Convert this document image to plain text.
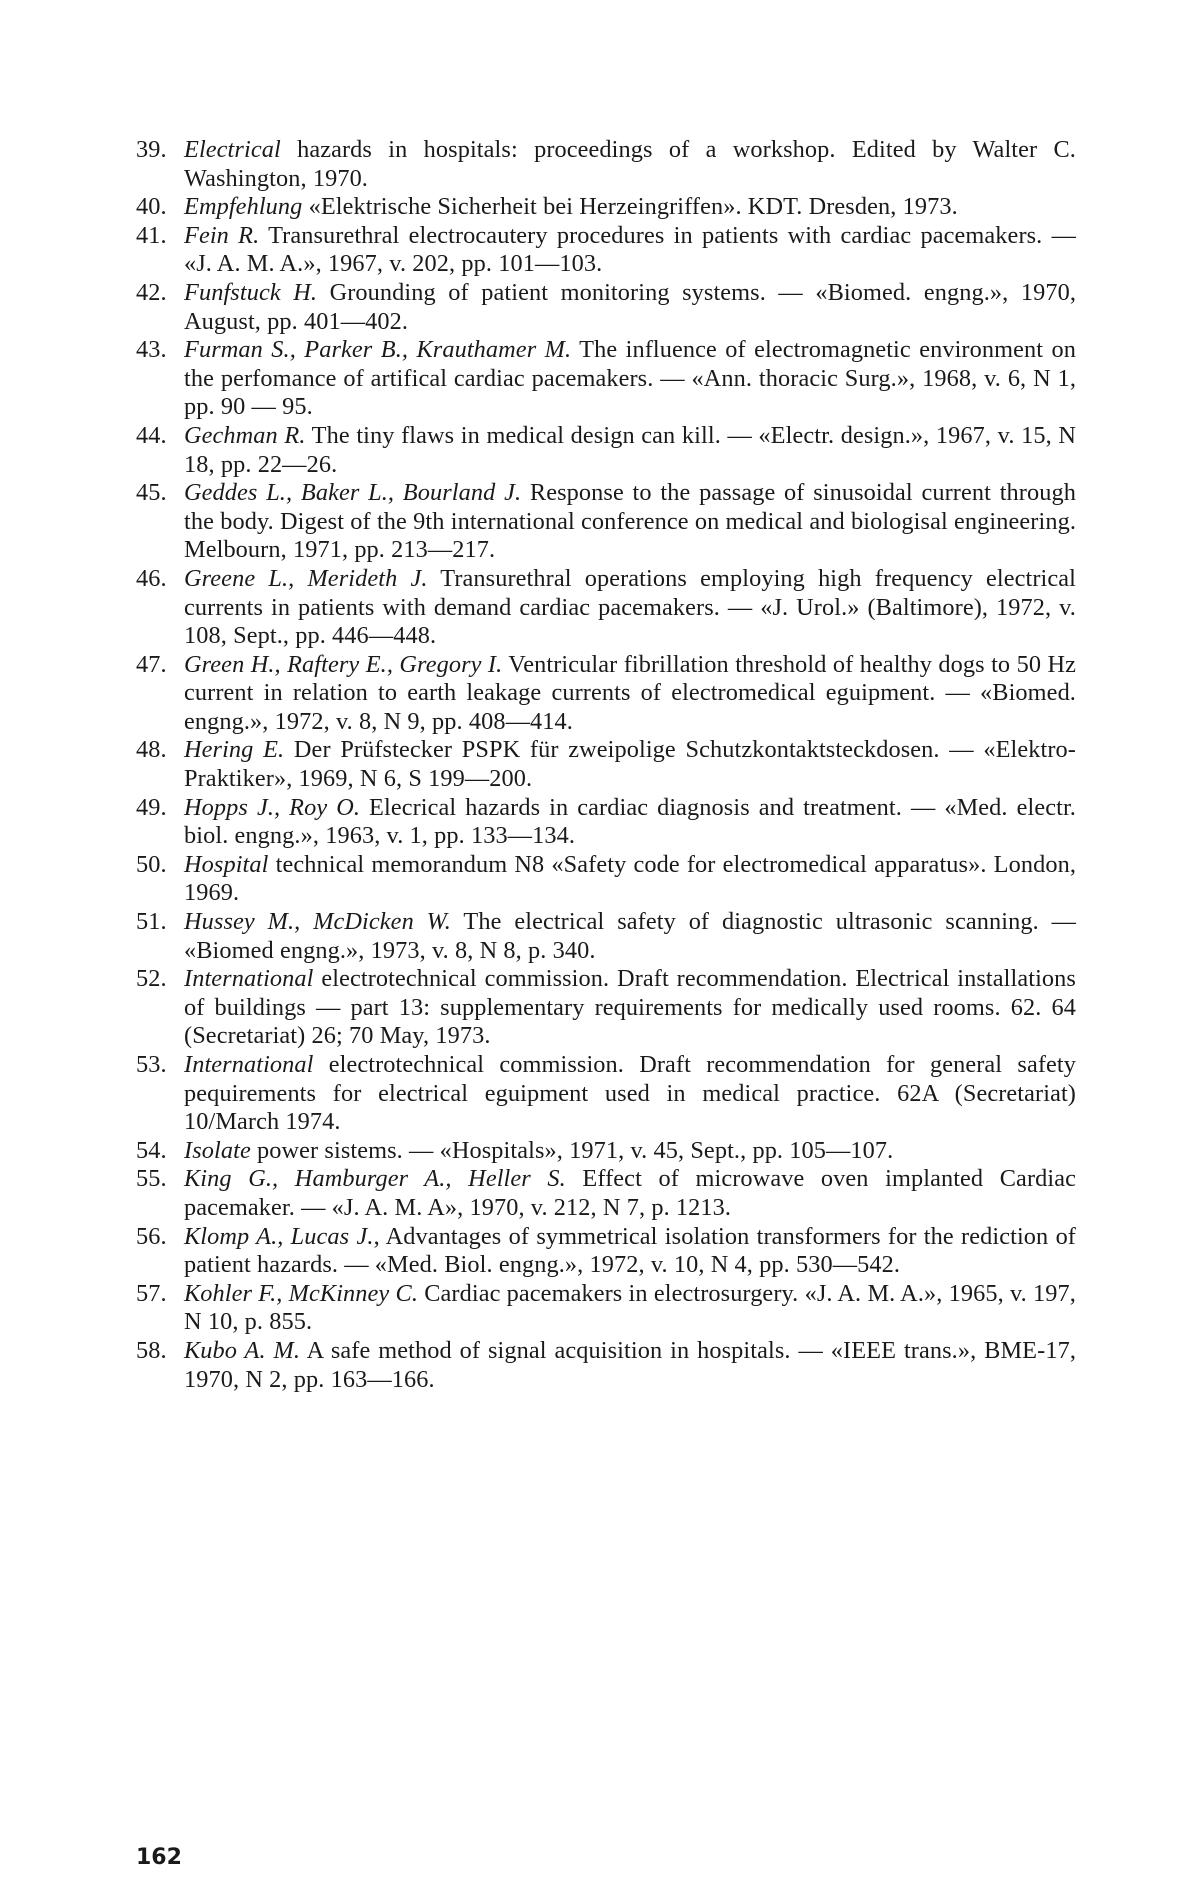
39. Electrical hazards in hospitals: proceedings of a workshop. Edited by Walter C. Washington, 1970.
40. Empfehlung «Elektrische Sicherheit bei Herzeingriffen». KDT. Dresden, 1973.
41. Fein R. Transurethral electrocautery procedures in patients with cardiac pacemakers. — «J. A. M. A.», 1967, v. 202, pp. 101—103.
42. Funfstuck H. Grounding of patient monitoring systems. — «Biomed. engng.», 1970, August, pp. 401—402.
43. Furman S., Parker B., Krauthamer M. The influence of electromagnetic environment on the perfomance of artifical cardiac pacemakers. — «Ann. thoracic Surg.», 1968, v. 6, N 1, pp. 90 — 95.
44. Gechman R. The tiny flaws in medical design can kill. — «Electr. design.», 1967, v. 15, N 18, pp. 22—26.
45. Geddes L., Baker L., Bourland J. Response to the passage of sinusoidal current through the body. Digest of the 9th international conference on medical and biologisal engineering. Melbourn, 1971, pp. 213—217.
46. Greene L., Merideth J. Transurethral operations employing high frequency electrical currents in patients with demand cardiac pacemakers. — «J. Urol.» (Baltimore), 1972, v. 108, Sept., pp. 446—448.
47. Green H., Raftery E., Gregory I. Ventricular fibrillation threshold of healthy dogs to 50 Hz current in relation to earth leakage currents of electromedical eguipment. — «Biomed. engng.», 1972, v. 8, N 9, pp. 408—414.
48. Hering E. Der Prüfstecker PSPK für zweipolige Schutzkontaktsteckdosen. — «Elektro-Praktiker», 1969, N 6, S 199—200.
49. Hopps J., Roy O. Elecrical hazards in cardiac diagnosis and treatment. — «Med. electr. biol. engng.», 1963, v. 1, pp. 133—134.
50. Hospital technical memorandum N8 «Safety code for electromedical apparatus». London, 1969.
51. Hussey M., McDicken W. The electrical safety of diagnostic ultrasonic scanning. — «Biomed engng.», 1973, v. 8, N 8, p. 340.
52. International electrotechnical commission. Draft recommendation. Electrical installations of buildings — part 13: supplementary requirements for medically used rooms. 62. 64 (Secretariat) 26; 70 May, 1973.
53. International electrotechnical commission. Draft recommendation for general safety pequirements for electrical eguipment used in medical practice. 62A (Secretariat) 10/March 1974.
54. Isolate power sistems. — «Hospitals», 1971, v. 45, Sept., pp. 105—107.
55. King G., Hamburger A., Heller S. Effect of microwave oven implanted Cardiac pacemaker. — «J. A. M. A», 1970, v. 212, N 7, p. 1213.
56. Klomp A., Lucas J., Advantages of symmetrical isolation transformers for the rediction of patient hazards. — «Med. Biol. engng.», 1972, v. 10, N 4, pp. 530—542.
57. Kohler F., McKinney C. Cardiac pacemakers in electrosurgery. «J. A. M. A.», 1965, v. 197, N 10, p. 855.
58. Kubo A. M. A safe method of signal acquisition in hospitals. — «IEEE trans.», BME-17, 1970, N 2, pp. 163—166.
162
